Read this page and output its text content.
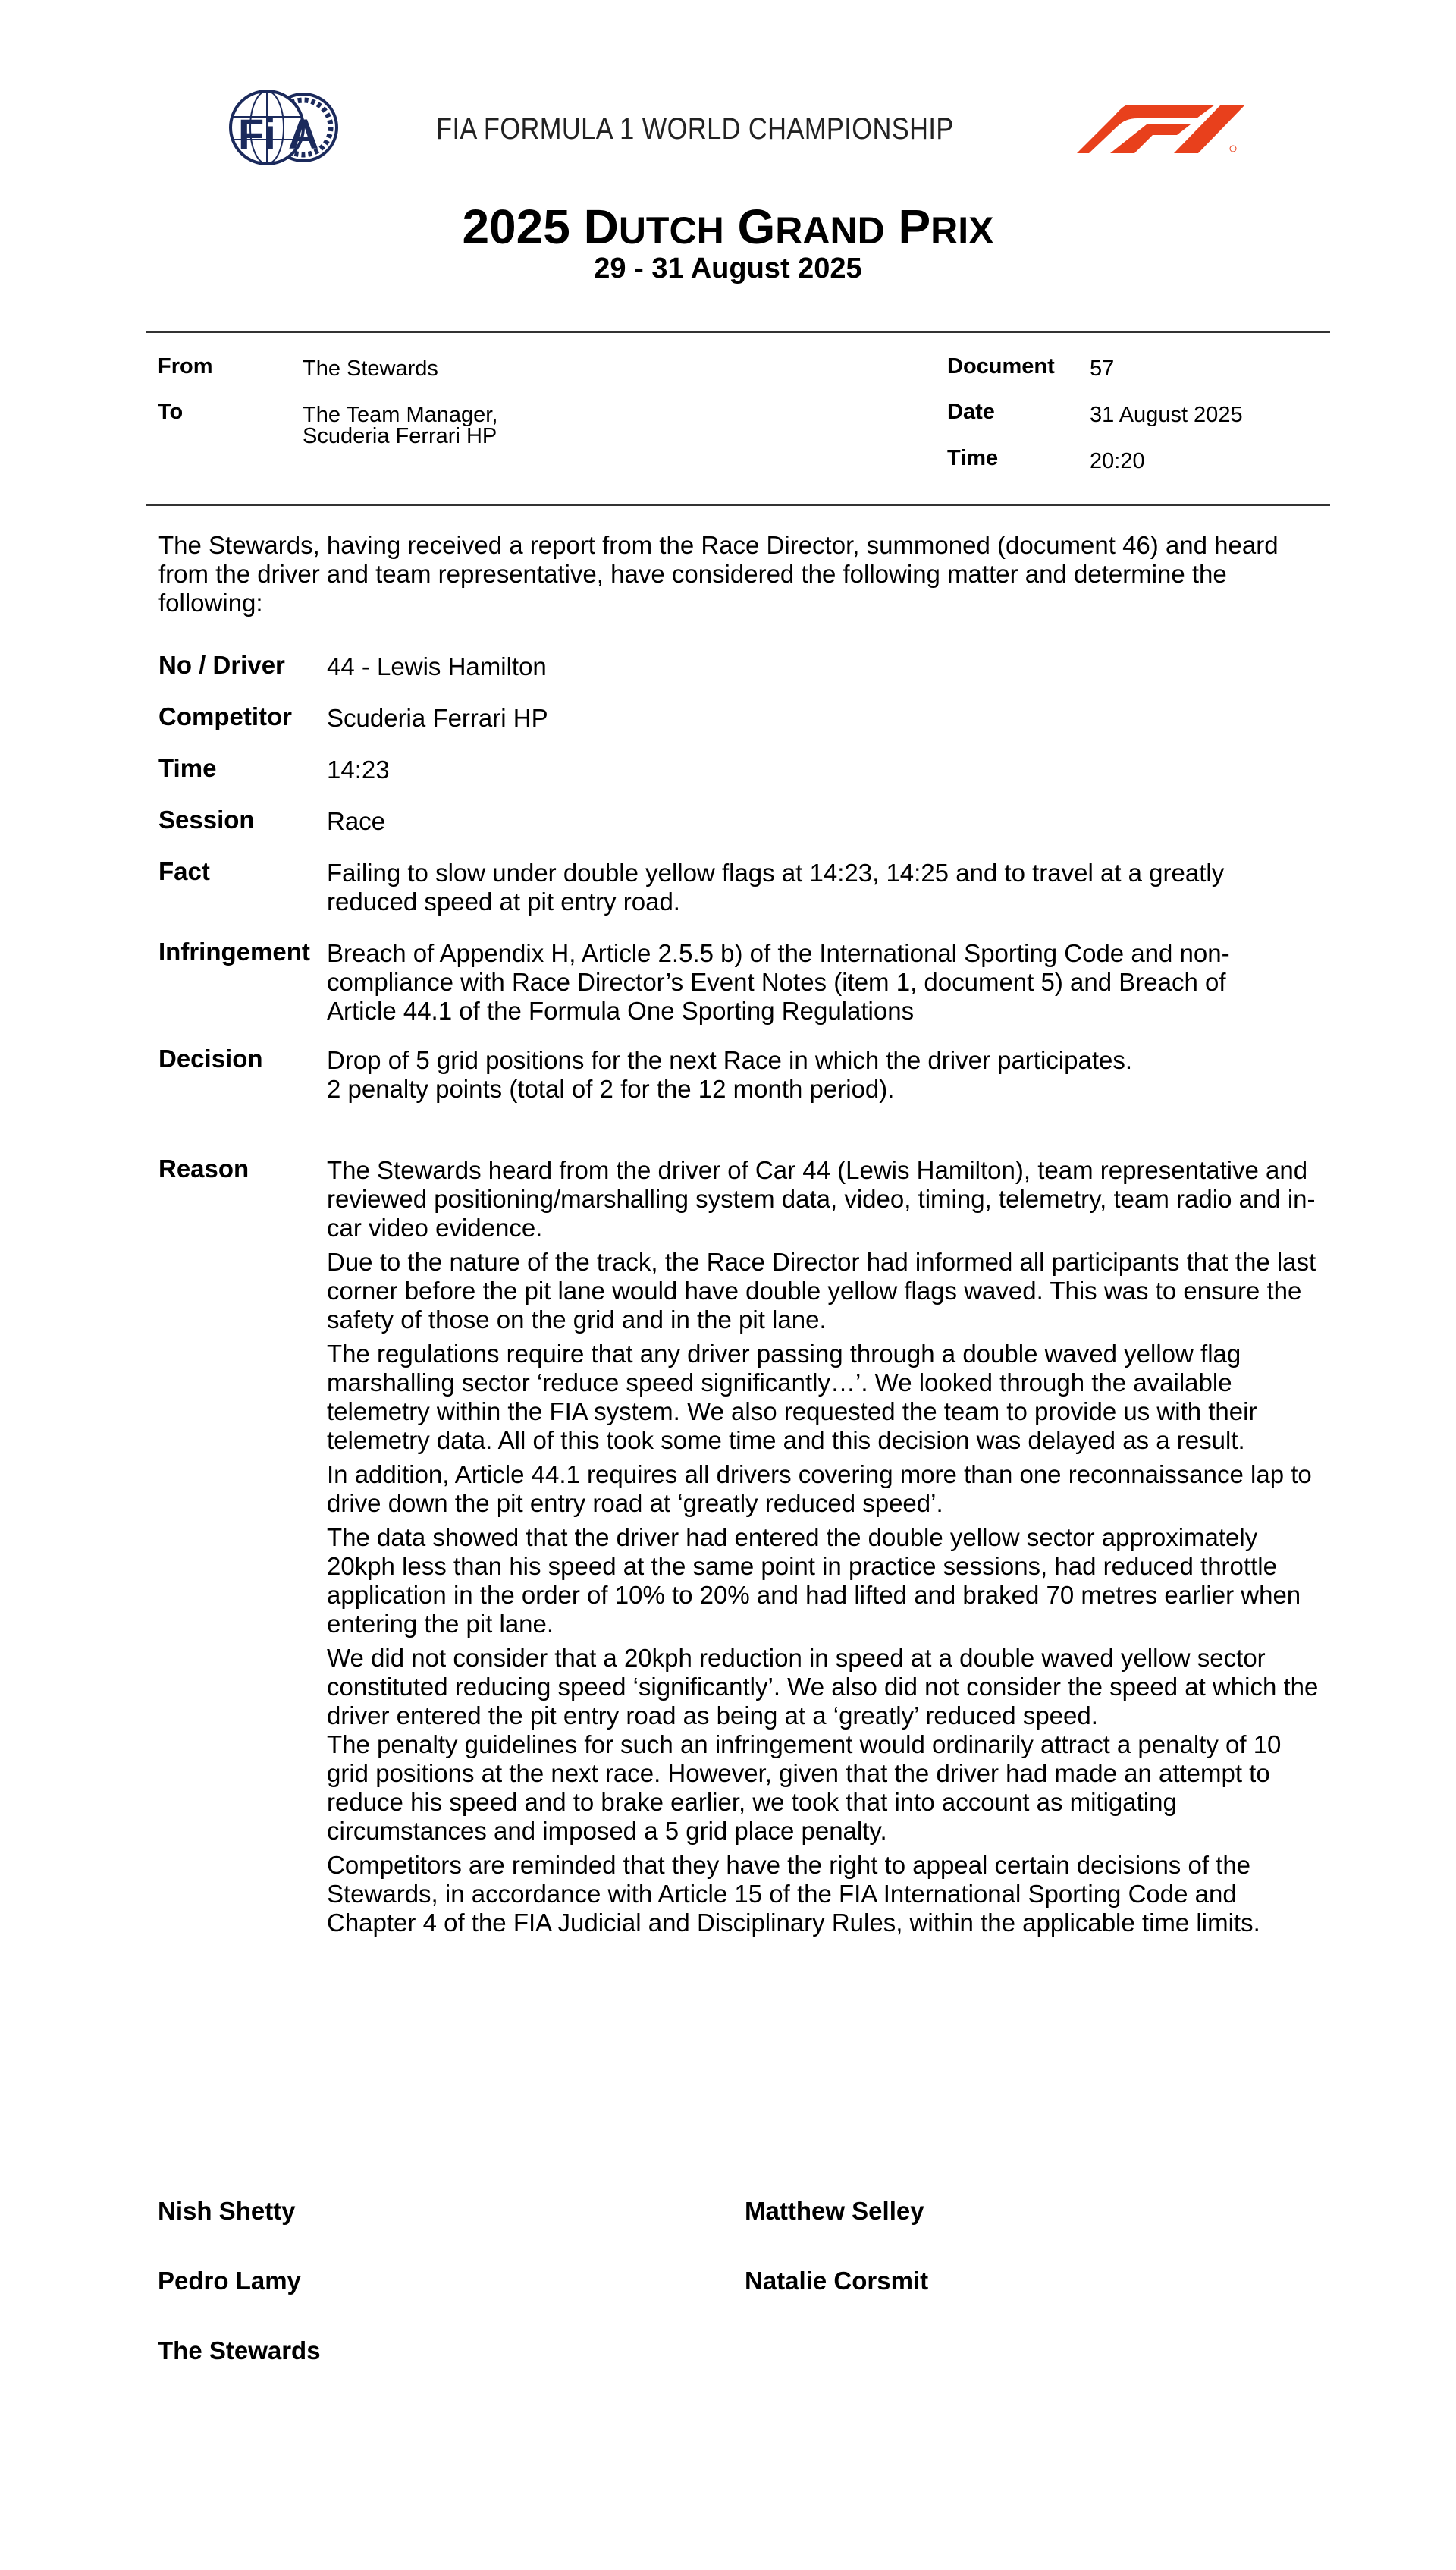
Fi A	FIA FORMULA 1 WORLD CHAMPIONSHIP
2025 DUTCH GRAND PRIX
29 - 31 August 2025
From	The Stewards
To	The Team Manager,
Scuderia Ferrari HP
Document 57
Date	31 August 2025
Time	20:20
The Stewards, having received a report from the Race Director, summoned (document 46) and heard from the driver and team representative, have considered the following matter and determine the following:
No / Driver 44 - Lewis Hamilton
Competitor Scuderia Ferrari HP
Time	14:23
Session	Race
Fact	Failing to slow under double yellow flags at 14:23, 14:25 and to travel at a greatly reduced speed at pit entry road.
Infringement Breach of Appendix H, Article 2.5.5 b) of the International Sporting Code and non-compliance with Race Director’s Event Notes (item 1, document 5) and Breach of Article 44.1 of the Formula One Sporting Regulations
Decision	Drop of 5 grid positions for the next Race in which the driver participates.
2 penalty points (total of 2 for the 12 month period).
Reason	The Stewards heard from the driver of Car 44 (Lewis Hamilton), team representative and reviewed positioning/marshalling system data, video, timing, telemetry, team radio and in-car video evidence.

Due to the nature of the track, the Race Director had informed all participants that the last corner before the pit lane would have double yellow flags waved. This was to ensure the safety of those on the grid and in the pit lane.

The regulations require that any driver passing through a double waved yellow flag marshalling sector ‘reduce speed significantly…’. We looked through the available telemetry within the FIA system. We also requested the team to provide us with their telemetry data. All of this took some time and this decision was delayed as a result.

In addition, Article 44.1 requires all drivers covering more than one reconnaissance lap to drive down the pit entry road at ‘greatly reduced speed’.

The data showed that the driver had entered the double yellow sector approximately 20kph less than his speed at the same point in practice sessions, had reduced throttle application in the order of 10% to 20% and had lifted and braked 70 metres earlier when entering the pit lane.

We did not consider that a 20kph reduction in speed at a double waved yellow sector constituted reducing speed ‘significantly’. We also did not consider the speed at which the driver entered the pit entry road as being at a ‘greatly’ reduced speed.

The penalty guidelines for such an infringement would ordinarily attract a penalty of 10 grid positions at the next race. However, given that the driver had made an attempt to reduce his speed and to brake earlier, we took that into account as mitigating circumstances and imposed a 5 grid place penalty.

Competitors are reminded that they have the right to appeal certain decisions of the Stewards, in accordance with Article 15 of the FIA International Sporting Code and Chapter 4 of the FIA Judicial and Disciplinary Rules, within the applicable time limits.

Nish Shetty	Matthew Selley
Pedro Lamy	Natalie Corsmit
The Stewards
